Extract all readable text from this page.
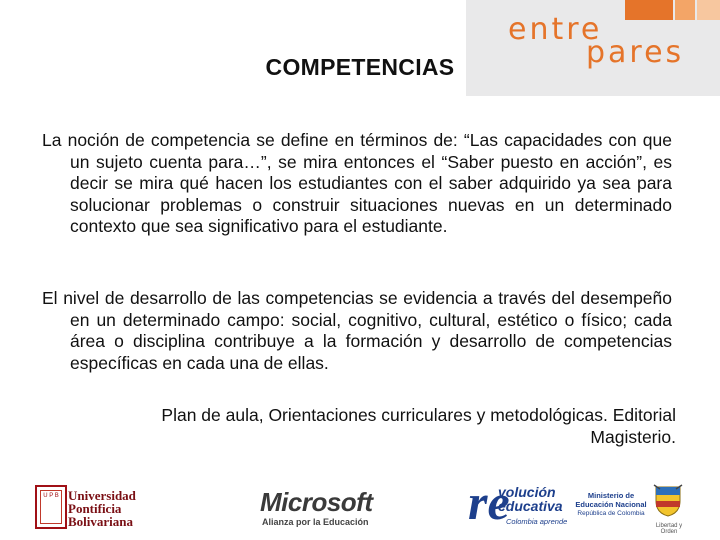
entre
pares
COMPETENCIAS

La noción de competencia se define en términos de: “Las capacidades con que un sujeto cuenta para…”, se mira entonces el “Saber puesto en acción”, es decir se mira qué hacen los estudiantes con el saber adquirido ya sea para solucionar problemas o construir situaciones nuevas en un determinado contexto que sea significativo para el estudiante.

El nivel de desarrollo de las competencias se evidencia a través del desempeño en un determinado campo: social, cognitivo, cultural, estético o físico; cada área o disciplina contribuye a la formación y desarrollo de competencias específicas en cada una de ellas.

Plan de aula, Orientaciones curriculares y metodológicas. Editorial
Magisterio.
U P B Universidad
Pontificia
Bolivariana
Microsoft
Alianza por la Educación re
volución
educativa
Colombia aprende
Ministerio de
Educación Nacional
República de Colombia
Libertad y Orden
